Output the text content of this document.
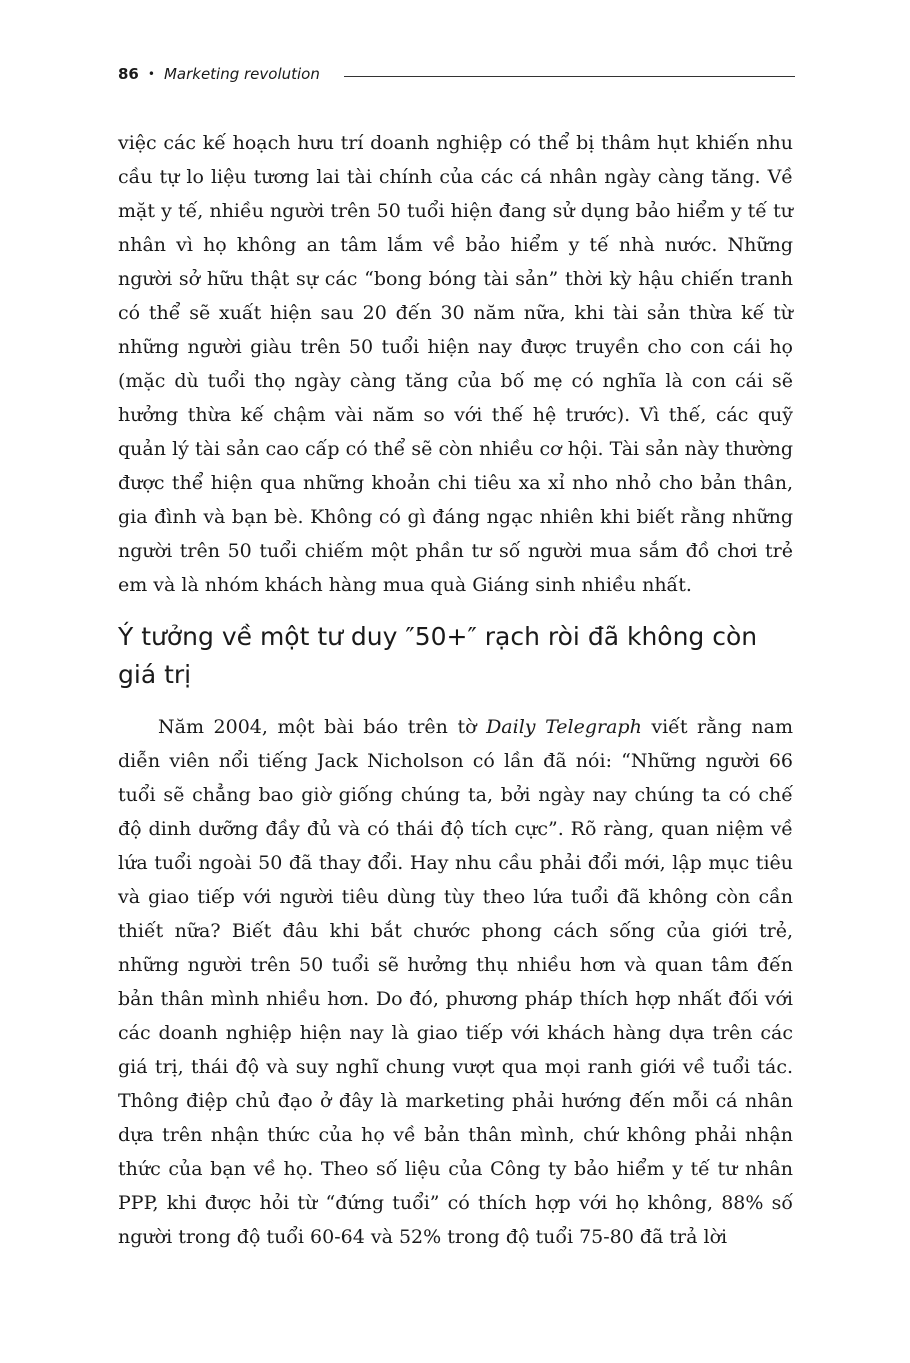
86 • Marketing revolution

việc các kế hoạch hưu trí doanh nghiệp có thể bị thâm hụt khiến nhu cầu tự lo liệu tương lai tài chính của các cá nhân ngày càng tăng. Về mặt y tế, nhiều người trên 50 tuổi hiện đang sử dụng bảo hiểm y tế tư nhân vì họ không an tâm lắm về bảo hiểm y tế nhà nước. Những người sở hữu thật sự các “bong bóng tài sản” thời kỳ hậu chiến tranh có thể sẽ xuất hiện sau 20 đến 30 năm nữa, khi tài sản thừa kế từ những người giàu trên 50 tuổi hiện nay được truyền cho con cái họ (mặc dù tuổi thọ ngày càng tăng của bố mẹ có nghĩa là con cái sẽ hưởng thừa kế chậm vài năm so với thế hệ trước). Vì thế, các quỹ quản lý tài sản cao cấp có thể sẽ còn nhiều cơ hội. Tài sản này thường được thể hiện qua những khoản chi tiêu xa xỉ nho nhỏ cho bản thân, gia đình và bạn bè. Không có gì đáng ngạc nhiên khi biết rằng những người trên 50 tuổi chiếm một phần tư số người mua sắm đồ chơi trẻ em và là nhóm khách hàng mua quà Giáng sinh nhiều nhất.

Ý tưởng về một tư duy ″50+″ rạch ròi đã không còn giá trị

Năm 2004, một bài báo trên tờ Daily Telegraph viết rằng nam diễn viên nổi tiếng Jack Nicholson có lần đã nói: “Những người 66 tuổi sẽ chẳng bao giờ giống chúng ta, bởi ngày nay chúng ta có chế độ dinh dưỡng đầy đủ và có thái độ tích cực”. Rõ ràng, quan niệm về lứa tuổi ngoài 50 đã thay đổi. Hay nhu cầu phải đổi mới, lập mục tiêu và giao tiếp với người tiêu dùng tùy theo lứa tuổi đã không còn cần thiết nữa? Biết đâu khi bắt chước phong cách sống của giới trẻ, những người trên 50 tuổi sẽ hưởng thụ nhiều hơn và quan tâm đến bản thân mình nhiều hơn. Do đó, phương pháp thích hợp nhất đối với các doanh nghiệp hiện nay là giao tiếp với khách hàng dựa trên các giá trị, thái độ và suy nghĩ chung vượt qua mọi ranh giới về tuổi tác. Thông điệp chủ đạo ở đây là marketing phải hướng đến mỗi cá nhân dựa trên nhận thức của họ về bản thân mình, chứ không phải nhận thức của bạn về họ. Theo số liệu của Công ty bảo hiểm y tế tư nhân PPP, khi được hỏi từ “đứng tuổi” có thích hợp với họ không, 88% số người trong độ tuổi 60-64 và 52% trong độ tuổi 75-80 đã trả lời
